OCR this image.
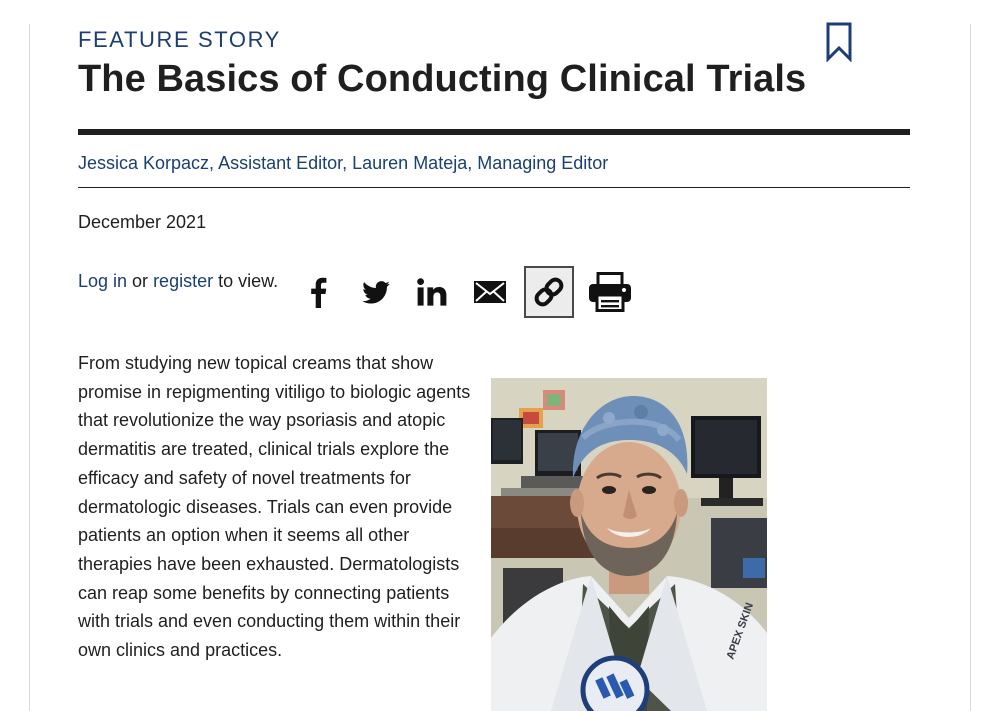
FEATURE STORY
The Basics of Conducting Clinical Trials
Jessica Korpacz, Assistant Editor, Lauren Mateja, Managing Editor
December 2021
Log in or register to view.

From studying new topical creams that show promise in repigmenting vitiligo to biologic agents that revolutionize the way psoriasis and atopic dermatitis are treated, clinical trials explore the efficacy and safety of novel treatments for dermatologic diseases. Trials can even provide patients an option when it seems all other therapies have been exhausted. Dermatologists can reap some benefits by connecting patients with trials and even conducting them within their own clinics and practices.	APEX SKIN
